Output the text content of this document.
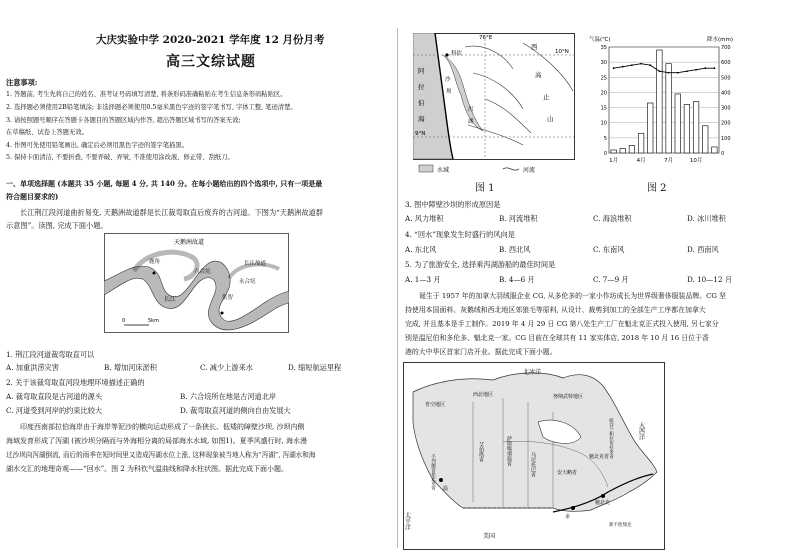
大庆实验中学 2020-2021 学年度 12 月份月考
高三文综试题
注意事项:
1. 答题前, 考生先将自己的姓名、准考证号码填写清楚, 将条形码准确粘贴在考生信息条形码粘贴区。
2. 选择题必须使用2B铅笔填涂; 非选择题必须使用0.5毫米黑色字迹的签字笔书写, 字体工整, 笔迹清楚。
3. 请按照题号顺序在答题卡各题目的答题区域内作答, 超出答题区域书写的答案无效;
在草稿纸、试卷上答题无效。
4. 作图可先使用铅笔画出, 确定后必须用黑色字迹的签字笔描黑。
5. 保持卡面清洁, 不要折叠, 不要弄破、弄皱, 不准使用涂改液、修正带、刮纸刀。
一、单项选择题 (本题共 35 小题, 每题 4 分, 共 140 分。在每小题给出的四个选项中, 只有一项是最
符合题目要求的)
长江荆江段河道曲折易变, 天鹅洲故道群是长江裁弯取直后废弃的古河道。下图为“天鹅洲故道群
示意图”。读图, 完成下面小题。
天鹅洲故道
鹿角
六合垸
长江	张智
永合垸
长江故道
0	5km
1. 荆江段河道裁弯取直可以
A. 加重洪涝灾害	B. 增加河床淤积	C. 减少上游来水	D. 缩短航运里程
2. 关于该裁弯取直河段地理环境描述正确的
A. 裁弯取直段是古河道的源头	B. 六合垸所在地是古河道北岸
C. 河道受到河岸的约束比较大	D. 裁弯取直河道的侧向自由发展大
印度西南部拉伯海岸由于海岸等泥沙的横向运动形成了一条狭长、低矮的障壁沙坝, 沙坝内侧
海域发育形成了泻湖 (被沙坝分隔而与外海相分离的局部海水水域, 如图1)。夏季风盛行时, 海水漫
过沙坝向泻湖倒流, 而后的雨季在短时间里又造成泻湖水位上涨, 这种现象被当地人称为“泻湖”, 泻湖水和海
湖水交汇的地理奇观——“回水”。图 2 为科钦气温曲线和降水柱状图。据此完成下面小题。
76°E
10°N
9°N
科钦
阿
拉
伯
海
沙
坝
泻
湖
西
高
止
山
水域	河流
图 1
35	700
30	600
25	500
20	400
15	300
10	200
5	100
0	0
1月	4月	7月	10月
气温(℃)	降水(mm)
图 2
3. 图中障壁沙坝的形成原因是
A. 风力堆积	B. 河流堆积	C. 海浪堆积	D. 冰川堆积
4. “回水”现象发生时盛行的风向是
A. 东北风	B. 西北风	C. 东南风	D. 西南风
5. 为了旅游安全, 选择乘泻湖游船的最佳时间是
A. 1—3 月	B. 4—6 月	C. 7—9 月	D. 10—12 月
诞生于 1957 年的加拿大羽绒服企业 CG, 从多伦多的一家小作坊成长为世界级奢侈服装品牌。CG 坚
持使用本国面料、灰鹅绒和西北地区郊狼毛等原料, 从设计、裁剪到加工的全部生产工序都在加拿大
完成, 并且基本是手工制作。2019 年 4 月 29 日 CG 第八处生产工厂在魁北克正式投入使用, 另七家分
别是温尼伯和多伦多、魁北克一家。CG 目前在全球共有 11 家实体店, 2018 年 10 月 16 日位于香
港的大中华区首家门店开业。据此完成下面小题。
北冰洋
大西洋
太平洋
育空地区
西北地区	努纳武特地区
不列颠哥伦比亚省
艾伯塔省	萨斯喀彻温省	马尼托巴省	安大略省
魁北克省 纽芬兰和拉布拉多省
新不伦瑞克
美国
温
多
魁北克
